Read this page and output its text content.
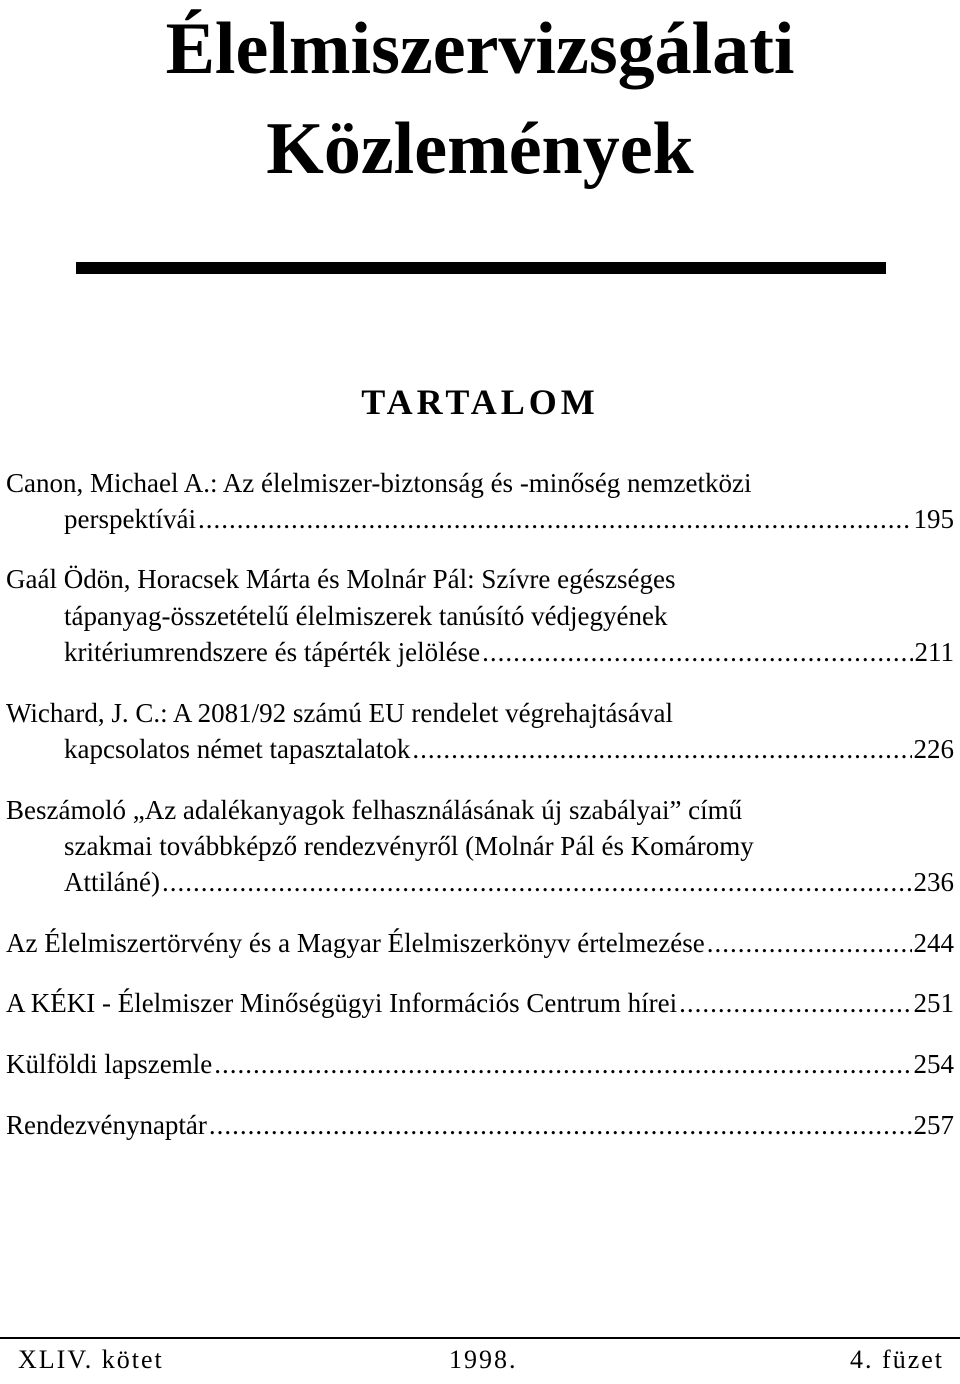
Élelmiszervizsgálati
Közlemények
TARTALOM
Canon, Michael A.: Az élelmiszer-biztonság és -minőség nemzetközi
perspektívái .....	195
Gaál Ödön, Horacsek Márta és Molnár Pál: Szívre egészséges
tápanyag-összetételű élelmiszerek tanúsító védjegyének
kritériumrendszere és tápérték jelölése .....	211
Wichard, J. C.: A 2081/92 számú EU rendelet végrehajtásával
kapcsolatos német tapasztalatok .....	226
Beszámoló „Az adalékanyagok felhasználásának új szabályai” című
szakmai továbbképző rendezvényről (Molnár Pál és Komáromy
Attiláné) .....	236
Az Élelmiszertörvény és a Magyar Élelmiszerkönyv értelmezése .....	244
A KÉKI - Élelmiszer Minőségügyi Információs Centrum hírei .....	251
Külföldi lapszemle .....	254
Rendezvénynaptár .....	257
XLIV. kötet	1998.	4. füzet
